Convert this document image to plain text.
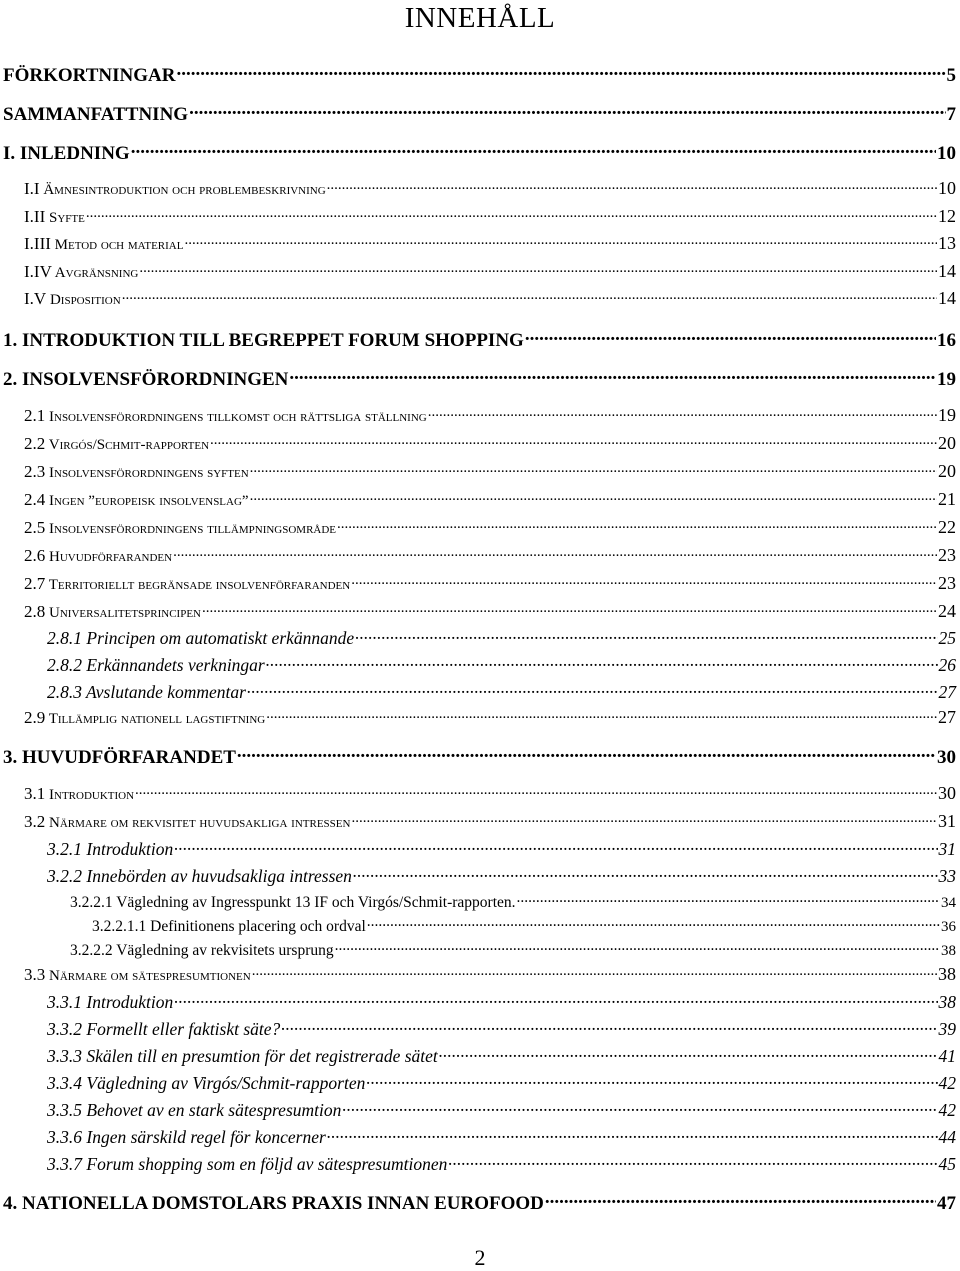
INNEHÅLL
FÖRKORTNINGAR .....	5
SAMMANFATTNING .....	7
I. INLEDNING .....	10
I.I Ämnesintroduktion och problembeskrivning .....	10
I.II Syfte .....	12
I.III Metod och material .....	13
I.IV Avgränsning .....	14
I.V Disposition .....	14
1. INTRODUKTION TILL BEGREPPET FORUM SHOPPING .....	16
2. INSOLVENSFÖRORDNINGEN .....	19
2.1 Insolvensförordningens tillkomst och rättsliga ställning .....	19
2.2 Virgós/Schmit-rapporten .....	20
2.3 Insolvensförordningens syften .....	20
2.4 Ingen ”europeisk insolvenslag” .....	21
2.5 Insolvensförordningens tillämpningsområde .....	22
2.6 Huvudförfaranden .....	23
2.7 Territoriellt begränsade insolvenförfaranden .....	23
2.8 Universalitetsprincipen .....	24
2.8.1 Principen om automatiskt erkännande .....	25
2.8.2 Erkännandets verkningar .....	26
2.8.3 Avslutande kommentar .....	27
2.9 Tillämplig nationell lagstiftning .....	27
3. HUVUDFÖRFARANDET .....	30
3.1 Introduktion .....	30
3.2 Närmare om rekvisitet huvudsakliga intressen .....	31
3.2.1 Introduktion .....	31
3.2.2 Innebörden av huvudsakliga intressen .....	33
3.2.2.1 Vägledning av Ingresspunkt 13 IF och Virgós/Schmit-rapporten. .....	34
3.2.2.1.1 Definitionens placering och ordval .....	36
3.2.2.2 Vägledning av rekvisitets ursprung .....	38
3.3 Närmare om sätespresumtionen .....	38
3.3.1 Introduktion .....	38
3.3.2 Formellt eller faktiskt säte? .....	39
3.3.3 Skälen till en presumtion för det registrerade sätet .....	41
3.3.4 Vägledning av Virgós/Schmit-rapporten .....	42
3.3.5 Behovet av en stark sätespresumtion .....	42
3.3.6 Ingen särskild regel för koncerner .....	44
3.3.7 Forum shopping som en följd av sätespresumtionen .....	45
4. NATIONELLA DOMSTOLARS PRAXIS INNAN EUROFOOD .....	47
2
